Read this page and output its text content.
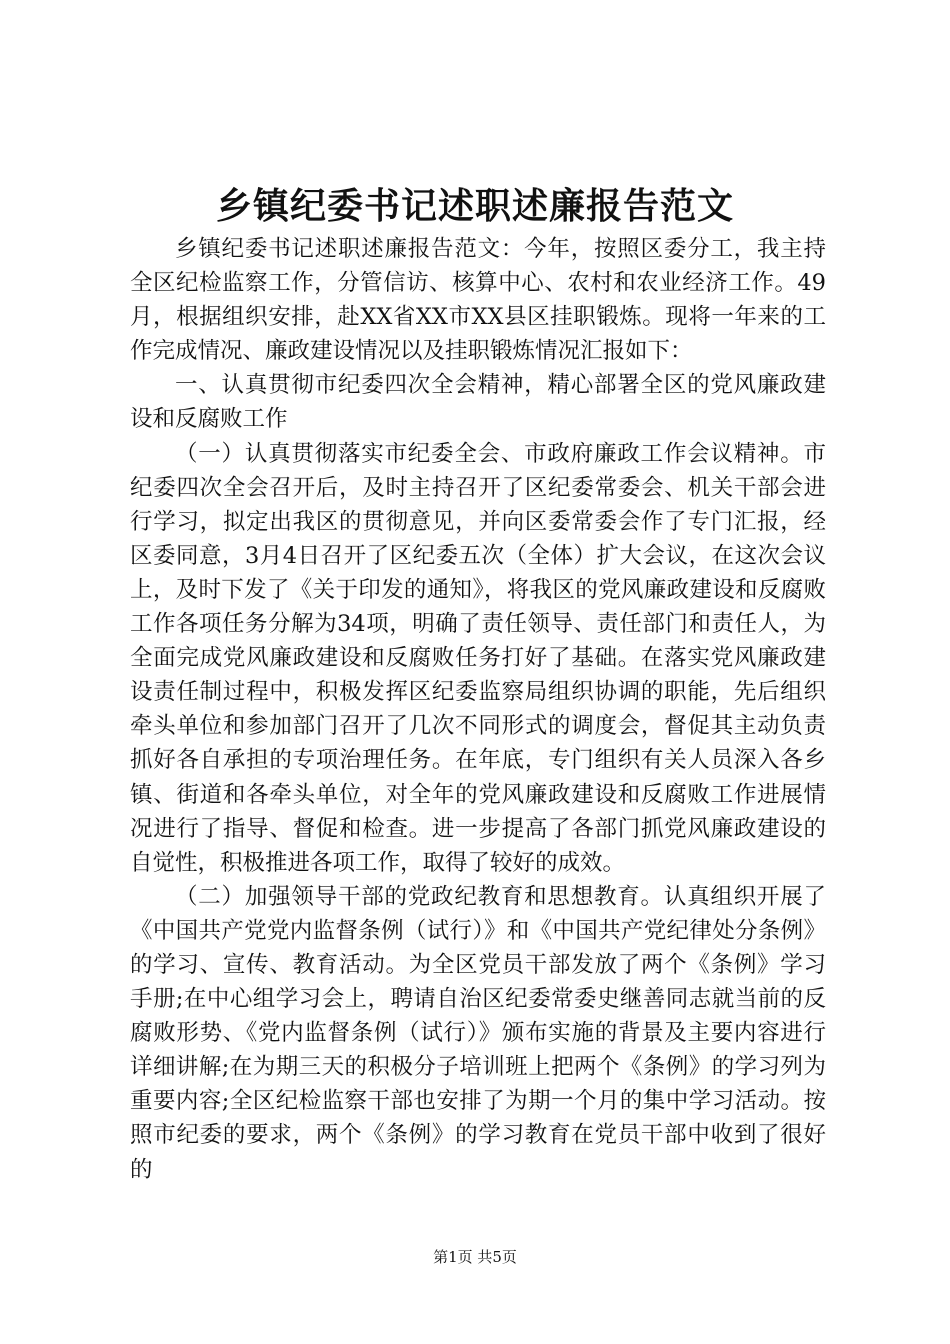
乡镇纪委书记述职述廉报告范文

乡镇纪委书记述职述廉报告范文：今年，按照区委分工，我主持全区纪检监察工作，分管信访、核算中心、农村和农业经济工作。49月，根据组织安排，赴XX省XX市XX县区挂职锻炼。现将一年来的工作完成情况、廉政建设情况以及挂职锻炼情况汇报如下：

一、认真贯彻市纪委四次全会精神，精心部署全区的党风廉政建设和反腐败工作

（一）认真贯彻落实市纪委全会、市政府廉政工作会议精神。市纪委四次全会召开后，及时主持召开了区纪委常委会、机关干部会进行学习，拟定出我区的贯彻意见，并向区委常委会作了专门汇报，经区委同意，3月4日召开了区纪委五次（全体）扩大会议，在这次会议上，及时下发了《关于印发的通知》，将我区的党风廉政建设和反腐败工作各项任务分解为34项，明确了责任领导、责任部门和责任人，为全面完成党风廉政建设和反腐败任务打好了基础。在落实党风廉政建设责任制过程中，积极发挥区纪委监察局组织协调的职能，先后组织牵头单位和参加部门召开了几次不同形式的调度会，督促其主动负责抓好各自承担的专项治理任务。在年底，专门组织有关人员深入各乡镇、街道和各牵头单位，对全年的党风廉政建设和反腐败工作进展情况进行了指导、督促和检查。进一步提高了各部门抓党风廉政建设的自觉性，积极推进各项工作，取得了较好的成效。

（二）加强领导干部的党政纪教育和思想教育。认真组织开展了《中国共产党党内监督条例（试行）》和《中国共产党纪律处分条例》的学习、宣传、教育活动。为全区党员干部发放了两个《条例》学习手册;在中心组学习会上，聘请自治区纪委常委史继善同志就当前的反腐败形势、《党内监督条例（试行）》颁布实施的背景及主要内容进行详细讲解;在为期三天的积极分子培训班上把两个《条例》的学习列为重要内容;全区纪检监察干部也安排了为期一个月的集中学习活动。按照市纪委的要求，两个《条例》的学习教育在党员干部中收到了很好的

第1页 共5页
